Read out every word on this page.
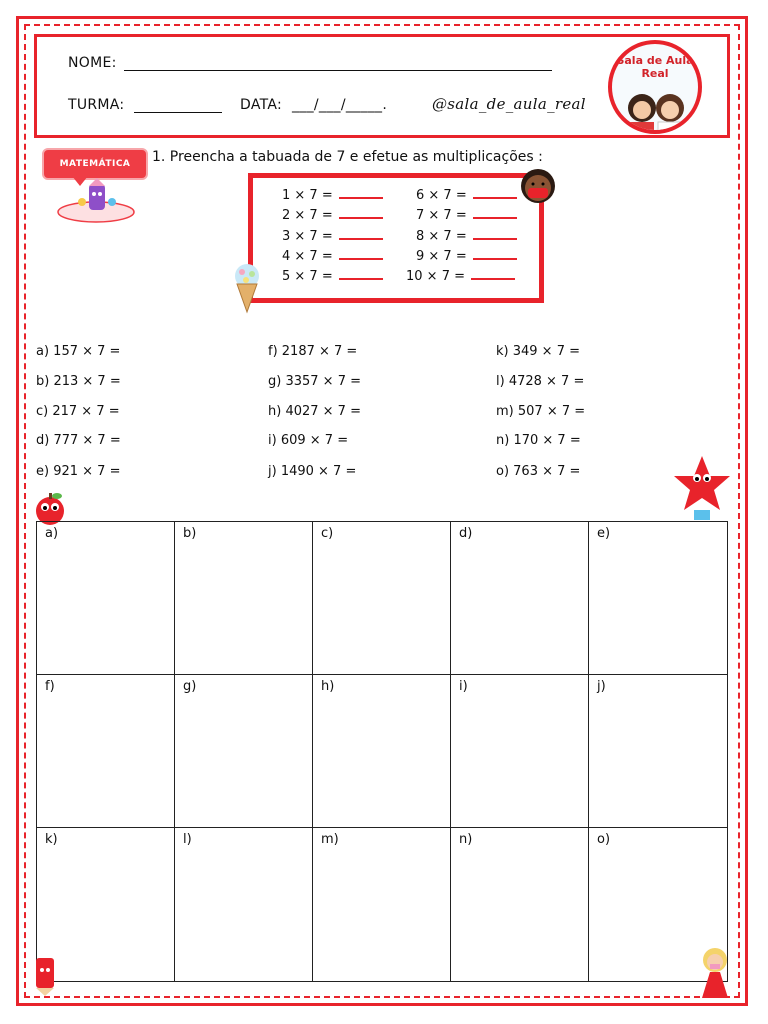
NOME:
TURMA:	DATA: ___/___/_____.	@sala_de_aula_real
Sala de Aula Real
MATEMÁTICA	1. Preencha a tabuada de 7 e efetue as multiplicações :
1 × 7 =
2 × 7 =
3 × 7 =
4 × 7 =
5 × 7 =
6 × 7 =
7 × 7 =
8 × 7 =
9 × 7 =
10 × 7 =
a) 157 × 7 =
b) 213 × 7 =
c) 217 × 7 =
d) 777 × 7 =
e) 921 × 7 =
f) 2187 × 7 =
g) 3357 × 7 =
h) 4027 × 7 =
i) 609 × 7 =
j) 1490 × 7 =
k) 349 × 7 =
l) 4728 × 7 =
m) 507 × 7 =
n) 170 × 7 =
o) 763 × 7 =
a)	b)	c)	d)	e)
f)	g)	h)	i)	j)
k)	l)	m)	n)	o)
